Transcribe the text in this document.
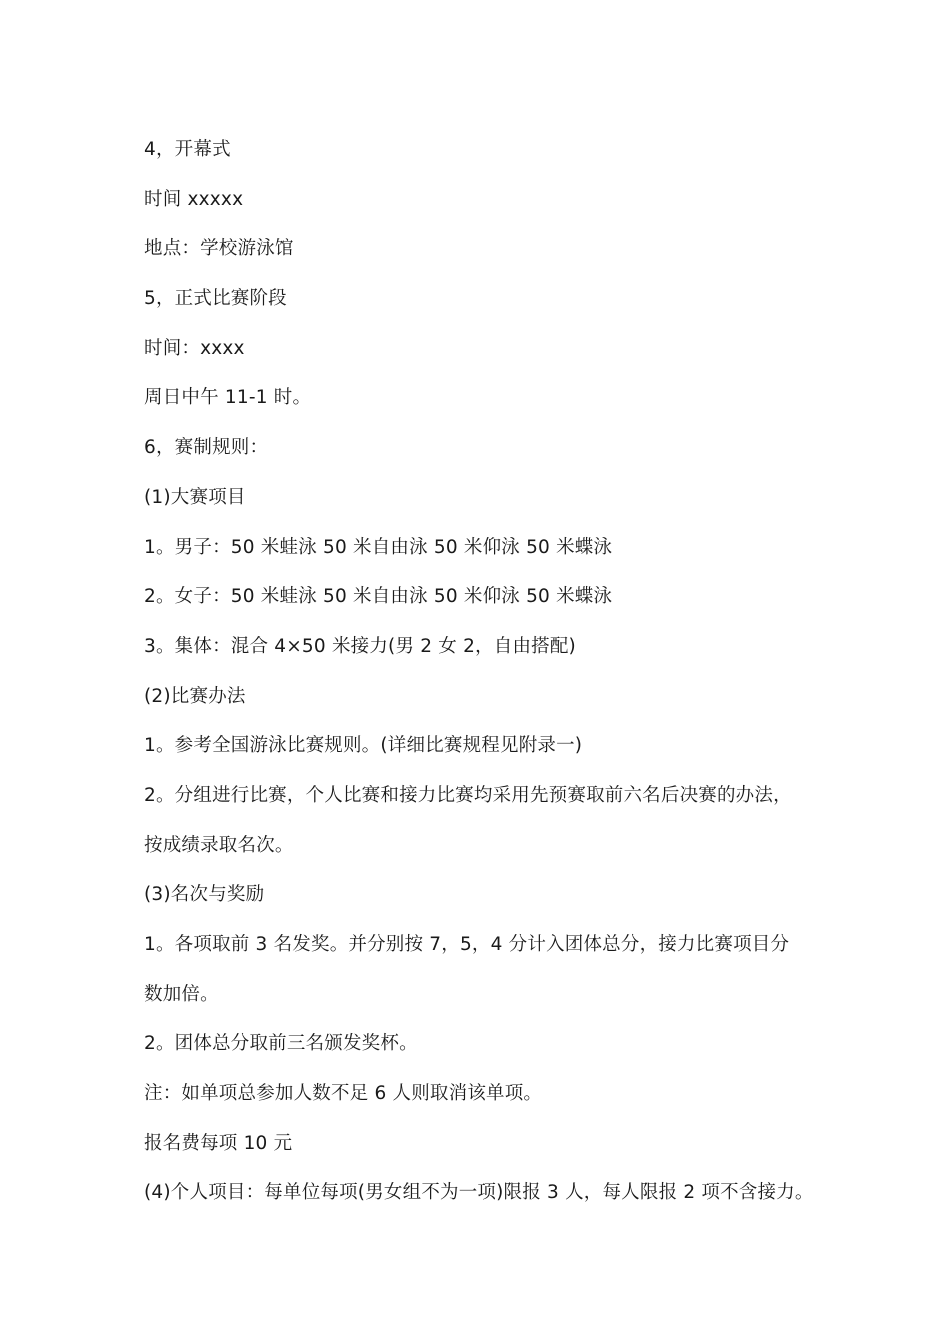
4，开幕式
时间 xxxxx
地点：学校游泳馆
5，正式比赛阶段
时间：xxxx
周日中午 11-1 时。
6，赛制规则：
(1)大赛项目
1。男子：50 米蛙泳 50 米自由泳 50 米仰泳 50 米蝶泳
2。女子：50 米蛙泳 50 米自由泳 50 米仰泳 50 米蝶泳
3。集体：混合 4×50 米接力(男 2 女 2，自由搭配)
(2)比赛办法
1。参考全国游泳比赛规则。(详细比赛规程见附录一)
2。分组进行比赛，个人比赛和接力比赛均采用先预赛取前六名后决赛的办法，
按成绩录取名次。
(3)名次与奖励
1。各项取前 3 名发奖。并分别按 7，5，4 分计入团体总分，接力比赛项目分
数加倍。
2。团体总分取前三名颁发奖杯。
注：如单项总参加人数不足 6 人则取消该单项。
报名费每项 10 元
(4)个人项目：每单位每项(男女组不为一项)限报 3 人，每人限报 2 项不含接力。
